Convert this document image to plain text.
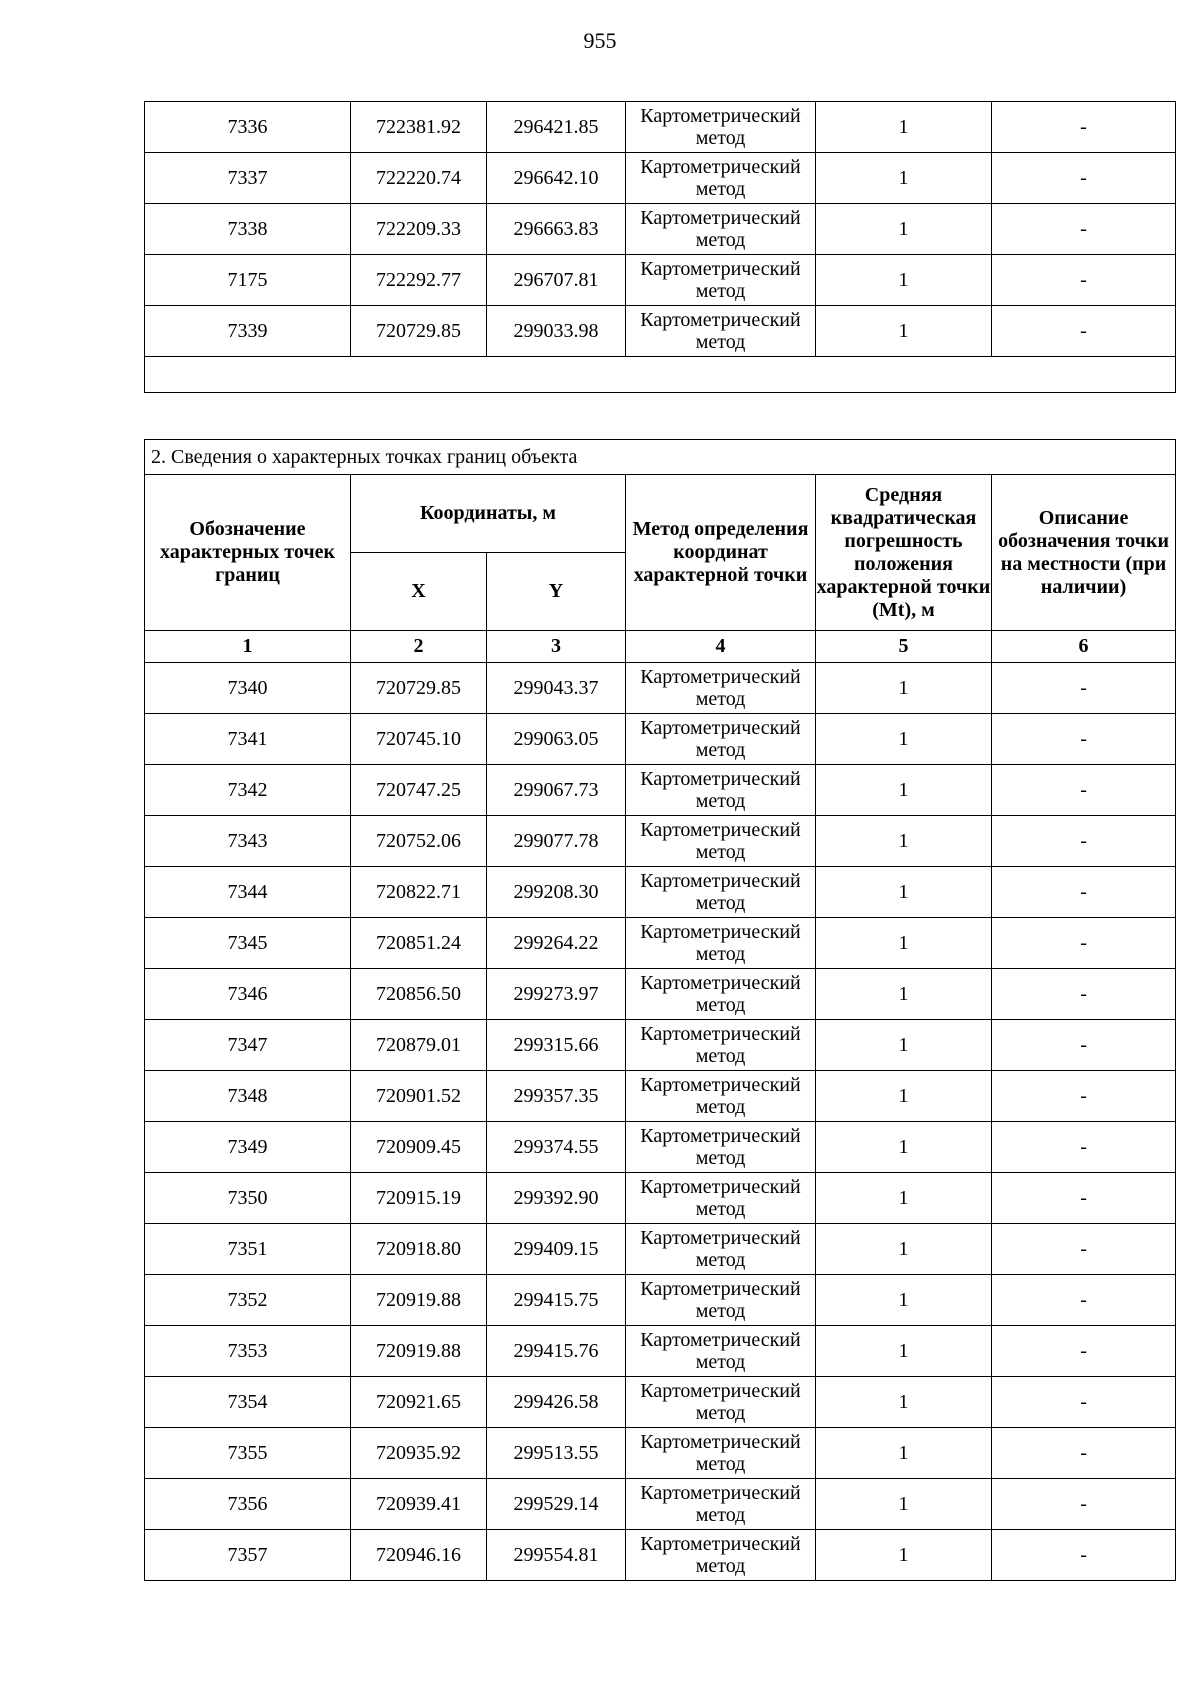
955
7336	722381.92	296421.85	Картометрический метод	1	-
7337	722220.74	296642.10	Картометрический метод	1	-
7338	722209.33	296663.83	Картометрический метод	1	-
7175	722292.77	296707.81	Картометрический метод	1	-
7339	720729.85	299033.98	Картометрический метод	1	-

2. Сведения о характерных точках границ объекта					
Обозначение характерных точек границ	Координаты, м		Метод определения координат характерной точки	Средняя квадратическая погрешность положения характерной точки (Mt), м	Описание обозначения точки на местности (при наличии)
	X	Y			
1	2	3	4	5	6
7340	720729.85	299043.37	Картометрический метод	1	-
7341	720745.10	299063.05	Картометрический метод	1	-
7342	720747.25	299067.73	Картометрический метод	1	-
7343	720752.06	299077.78	Картометрический метод	1	-
7344	720822.71	299208.30	Картометрический метод	1	-
7345	720851.24	299264.22	Картометрический метод	1	-
7346	720856.50	299273.97	Картометрический метод	1	-
7347	720879.01	299315.66	Картометрический метод	1	-
7348	720901.52	299357.35	Картометрический метод	1	-
7349	720909.45	299374.55	Картометрический метод	1	-
7350	720915.19	299392.90	Картометрический метод	1	-
7351	720918.80	299409.15	Картометрический метод	1	-
7352	720919.88	299415.75	Картометрический метод	1	-
7353	720919.88	299415.76	Картометрический метод	1	-
7354	720921.65	299426.58	Картометрический метод	1	-
7355	720935.92	299513.55	Картометрический метод	1	-
7356	720939.41	299529.14	Картометрический метод	1	-
7357	720946.16	299554.81	Картометрический метод	1	-
